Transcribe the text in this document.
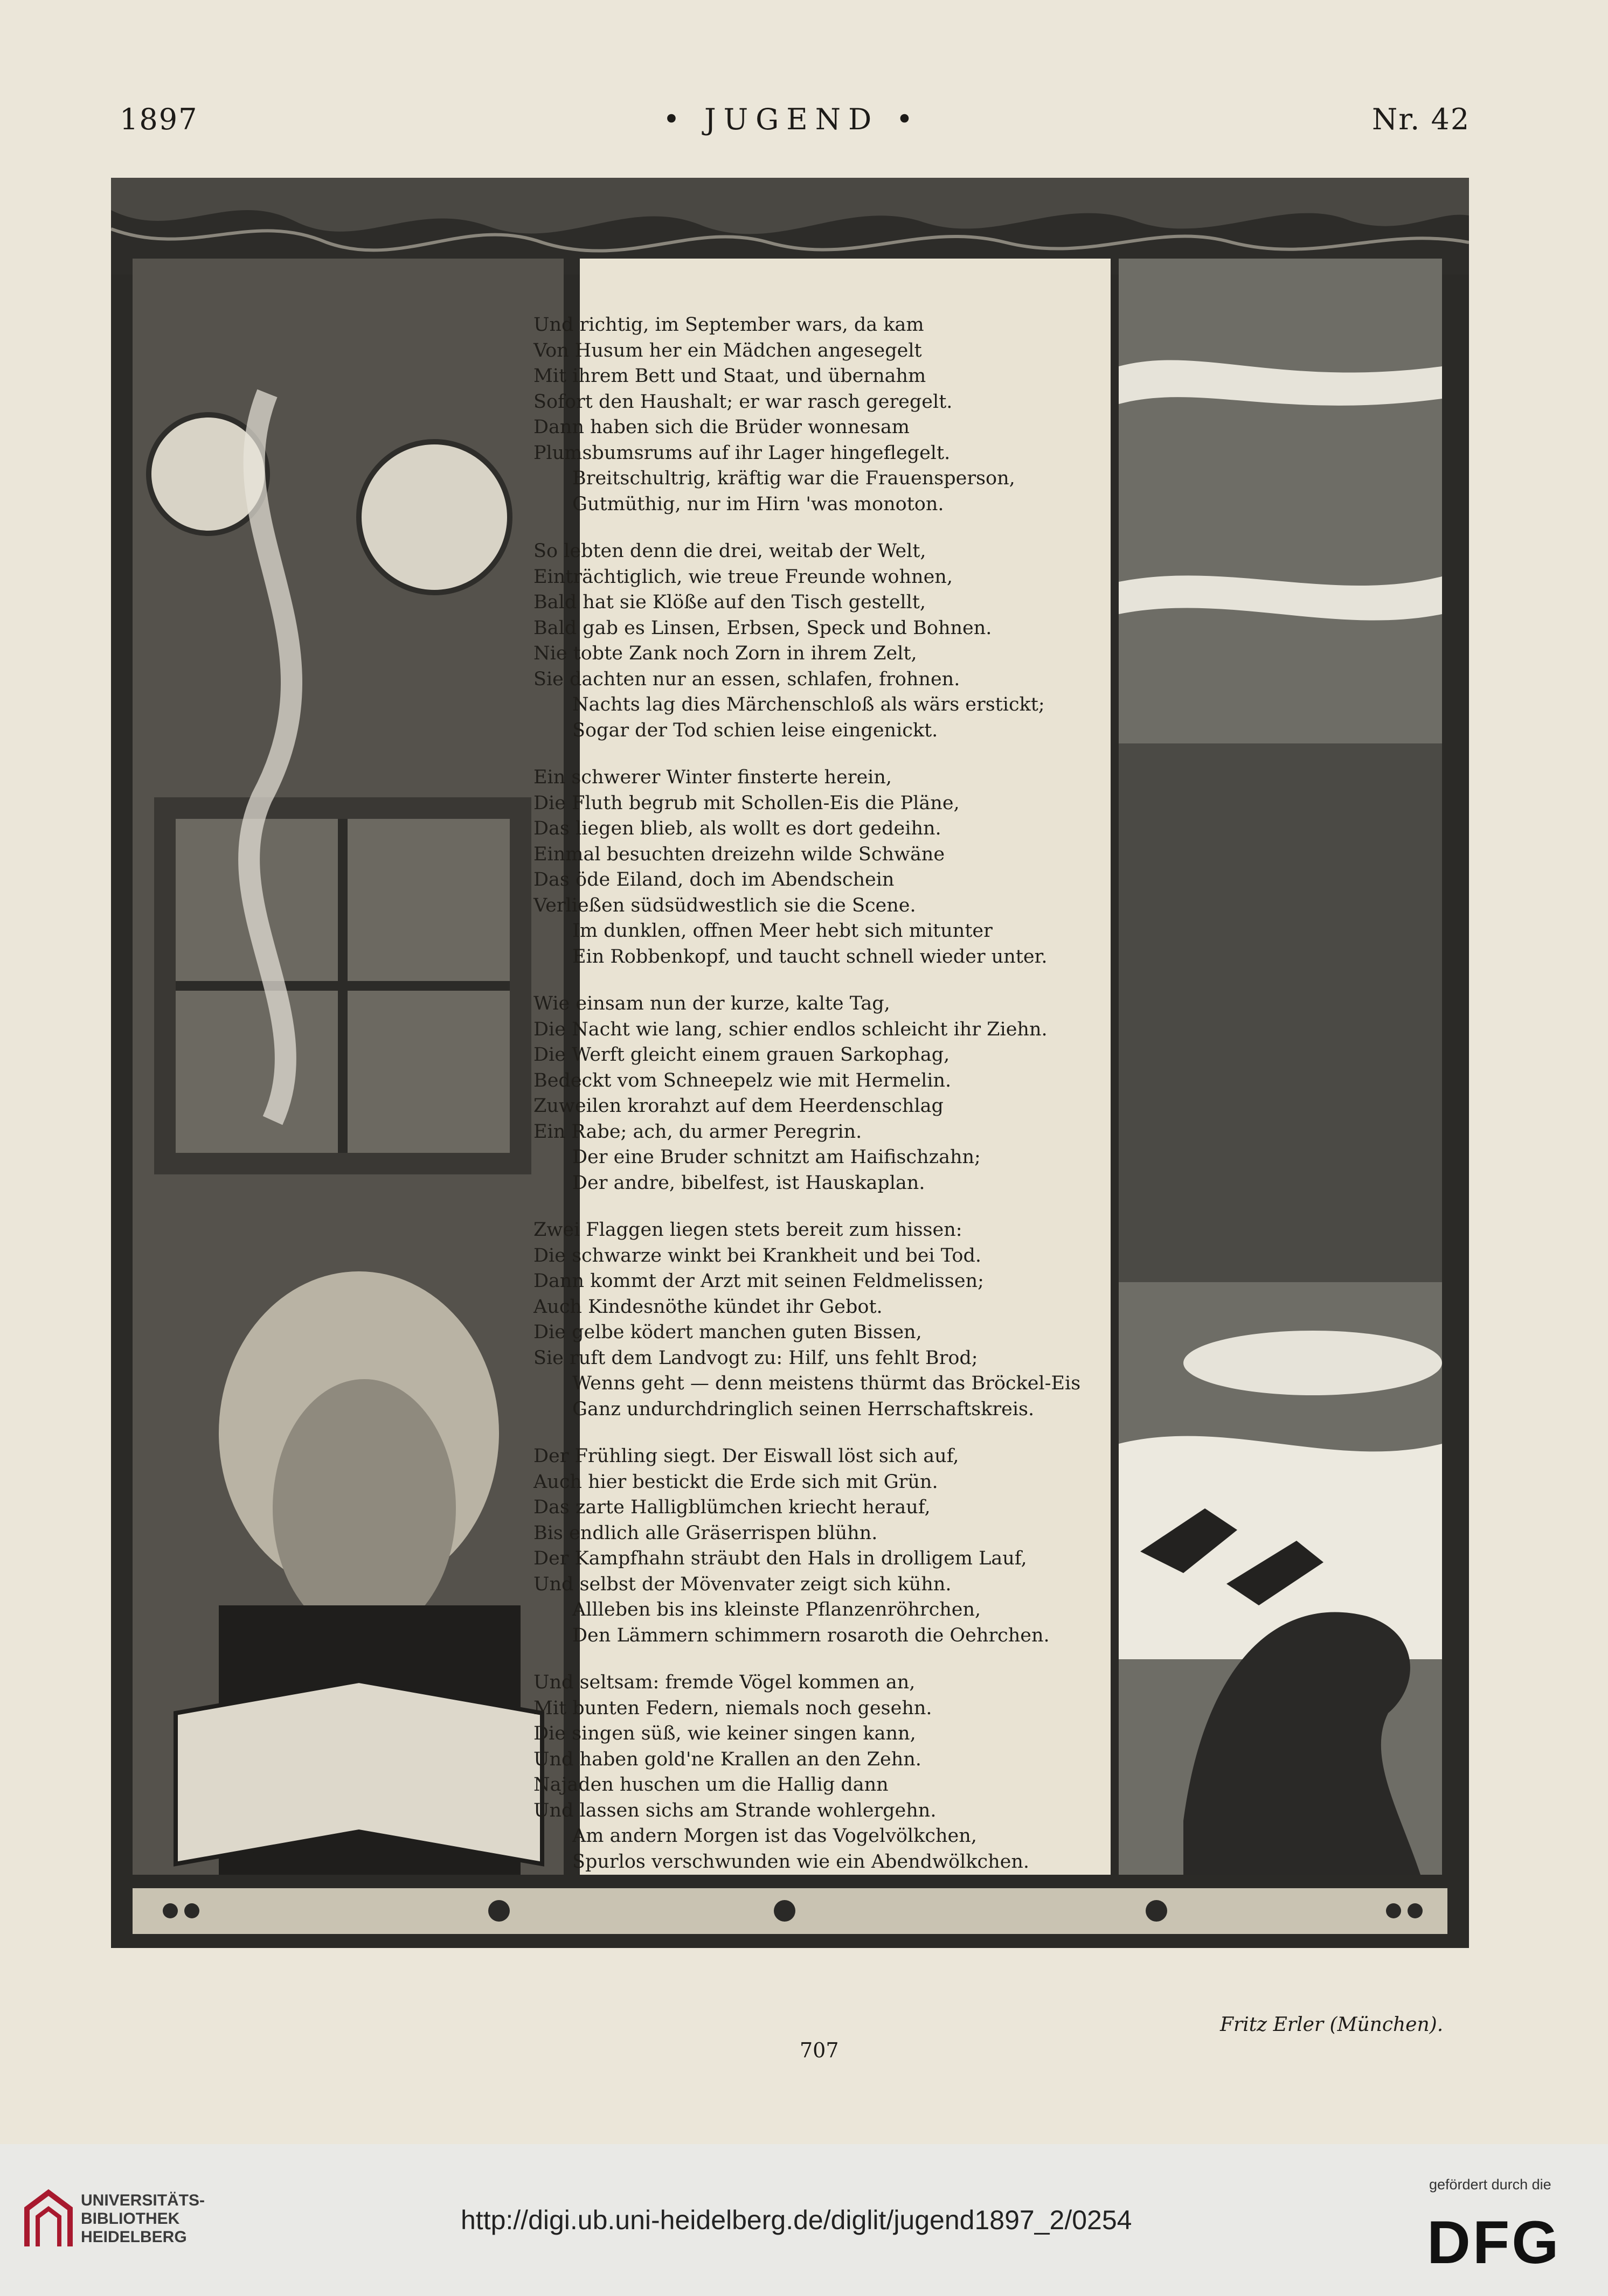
1897	• JUGEND •	Nr. 42
Und richtig, im September wars, da kam
Von Husum her ein Mädchen angesegelt
Mit ihrem Bett und Staat, und übernahm
Sofort den Haushalt; er war rasch geregelt.
Dann haben sich die Brüder wonnesam
Plumsbumsrums auf ihr Lager hingeflegelt.
Breitschultrig, kräftig war die Frauensperson,
Gutmüthig, nur im Hirn 'was monoton.
So lebten denn die drei, weitab der Welt,
Einträchtiglich, wie treue Freunde wohnen,
Bald hat sie Klöße auf den Tisch gestellt,
Bald gab es Linsen, Erbsen, Speck und Bohnen.
Nie tobte Zank noch Zorn in ihrem Zelt,
Sie dachten nur an essen, schlafen, frohnen.
Nachts lag dies Märchenschloß als wärs erstickt;
Sogar der Tod schien leise eingenickt.
Ein schwerer Winter finsterte herein,
Die Fluth begrub mit Schollen-Eis die Pläne,
Das liegen blieb, als wollt es dort gedeihn.
Einmal besuchten dreizehn wilde Schwäne
Das öde Eiland, doch im Abendschein
Verließen südsüdwestlich sie die Scene.
Im dunklen, offnen Meer hebt sich mitunter
Ein Robbenkopf, und taucht schnell wieder unter.
Wie einsam nun der kurze, kalte Tag,
Die Nacht wie lang, schier endlos schleicht ihr Ziehn.
Die Werft gleicht einem grauen Sarkophag,
Bedeckt vom Schneepelz wie mit Hermelin.
Zuweilen krorahzt auf dem Heerdenschlag
Ein Rabe; ach, du armer Peregrin.
Der eine Bruder schnitzt am Haifischzahn;
Der andre, bibelfest, ist Hauskaplan.
Zwei Flaggen liegen stets bereit zum hissen:
Die schwarze winkt bei Krankheit und bei Tod.
Dann kommt der Arzt mit seinen Feldmelissen;
Auch Kindesnöthe kündet ihr Gebot.
Die gelbe ködert manchen guten Bissen,
Sie ruft dem Landvogt zu: Hilf, uns fehlt Brod;
Wenns geht — denn meistens thürmt das Bröckel-Eis
Ganz undurchdringlich seinen Herrschaftskreis.
Der Frühling siegt. Der Eiswall löst sich auf,
Auch hier bestickt die Erde sich mit Grün.
Das zarte Halligblümchen kriecht herauf,
Bis endlich alle Gräserrispen blühn.
Der Kampfhahn sträubt den Hals in drolligem Lauf,
Und selbst der Mövenvater zeigt sich kühn.
Allleben bis ins kleinste Pflanzenröhrchen,
Den Lämmern schimmern rosaroth die Oehrchen.
Und seltsam: fremde Vögel kommen an,
Mit bunten Federn, niemals noch gesehn.
Die singen süß, wie keiner singen kann,
Und haben gold'ne Krallen an den Zehn.
Najaden huschen um die Hallig dann
Und lassen sichs am Strande wohlergehn.
Am andern Morgen ist das Vogelvölkchen,
Spurlos verschwunden wie ein Abendwölkchen.
Fritz Erler (München).
707
UNIVERSITÄTS-
BIBLIOTHEK
HEIDELBERG
http://digi.ub.uni-heidelberg.de/diglit/jugend1897_2/0254
gefördert durch die
DFG
